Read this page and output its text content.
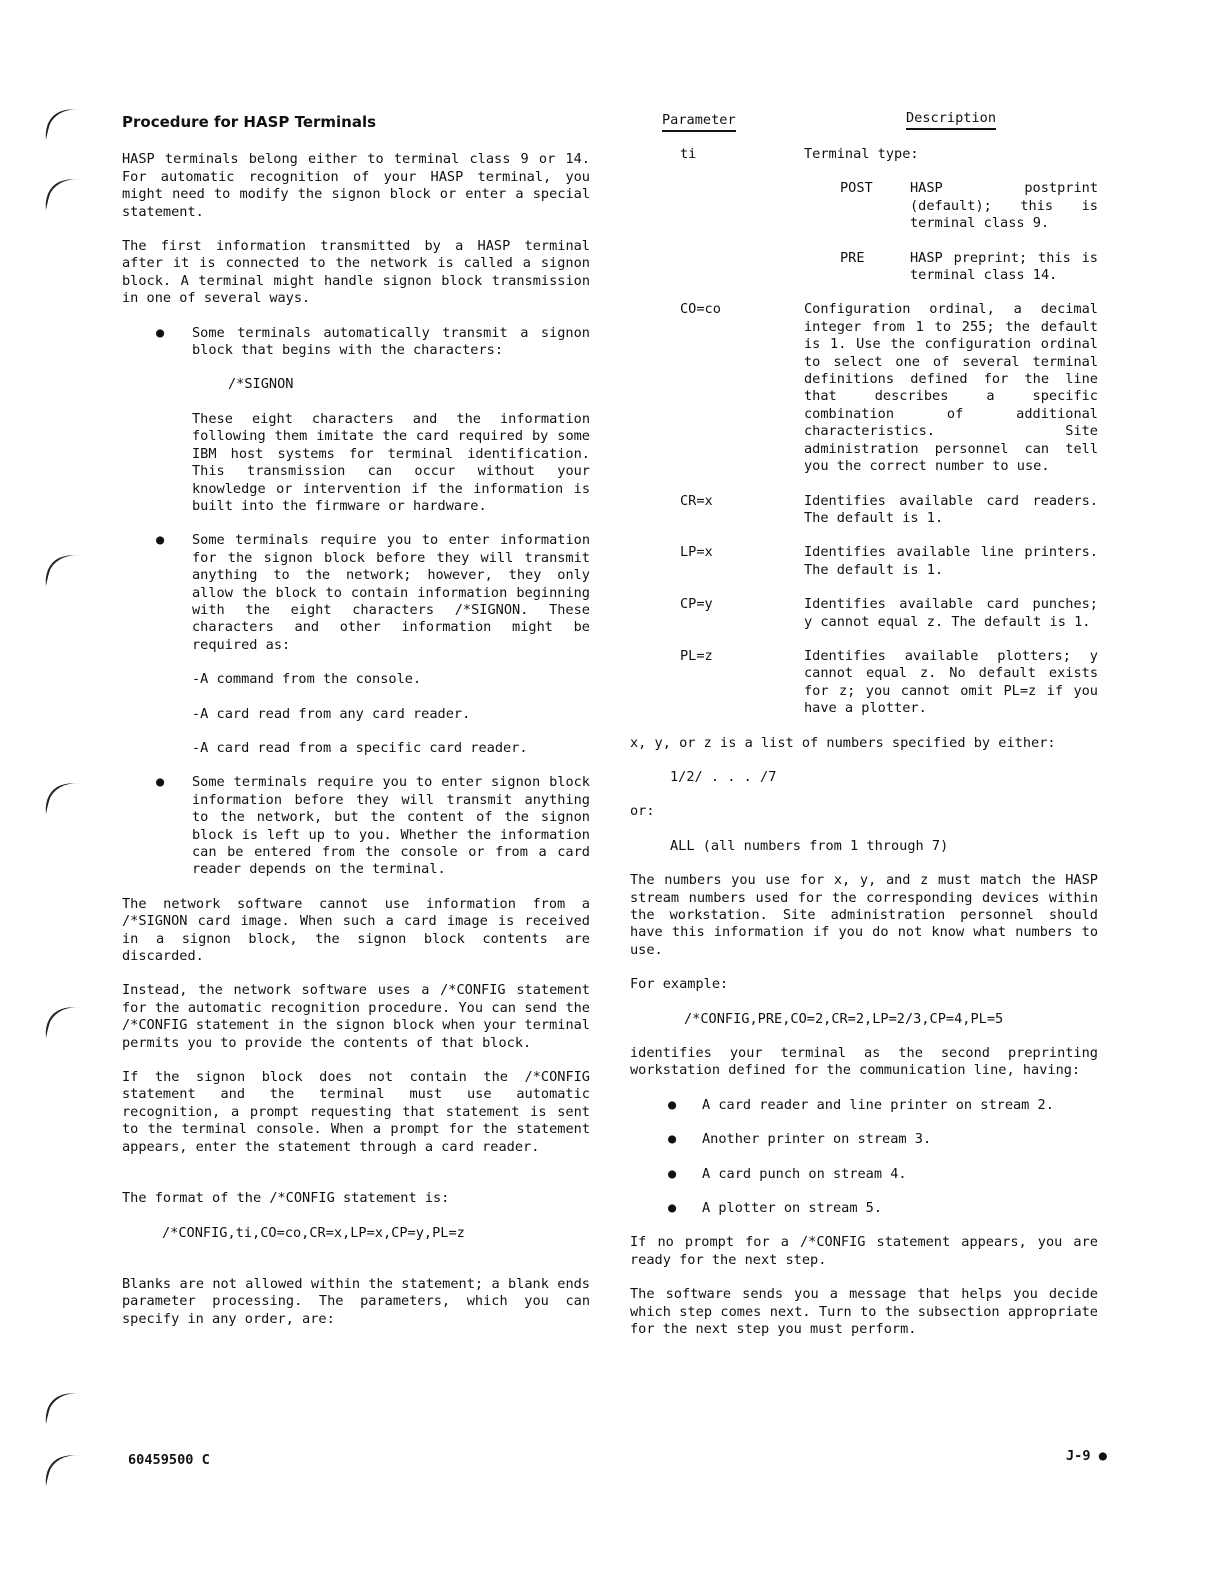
Procedure for HASP Terminals

HASP terminals belong either to terminal class 9 or 14. For automatic recognition of your HASP terminal, you might need to modify the signon block or enter a special statement.

The first information transmitted by a HASP terminal after it is connected to the network is called a signon block. A terminal might handle signon block transmission in one of several ways.

● Some terminals automatically transmit a signon block that begins with the characters:

/*SIGNON

These eight characters and the information following them imitate the card required by some IBM host systems for terminal identification. This transmission can occur without your knowledge or intervention if the information is built into the firmware or hardware.

● Some terminals require you to enter information for the signon block before they will transmit anything to the network; however, they only allow the block to contain information beginning with the eight characters /*SIGNON. These characters and other information might be required as:

-A command from the console.

-A card read from any card reader.

-A card read from a specific card reader.

● Some terminals require you to enter signon block information before they will transmit anything to the network, but the content of the signon block is left up to you. Whether the information can be entered from the console or from a card reader depends on the terminal.

The network software cannot use information from a /*SIGNON card image. When such a card image is received in a signon block, the signon block contents are discarded.

Instead, the network software uses a /*CONFIG statement for the automatic recognition procedure. You can send the /*CONFIG statement in the signon block when your terminal permits you to provide the contents of that block.

If the signon block does not contain the /*CONFIG statement and the terminal must use automatic recognition, a prompt requesting that statement is sent to the terminal console. When a prompt for the statement appears, enter the statement through a card reader.

The format of the /*CONFIG statement is:

/*CONFIG,ti,CO=co,CR=x,LP=x,CP=y,PL=z

Blanks are not allowed within the statement; a blank ends parameter processing. The parameters, which you can specify in any order, are:

Parameter	Description
ti	Terminal type:
POST	HASP postprint (default); this is terminal class 9.
PRE	HASP preprint; this is terminal class 14.
CO=co	Configuration ordinal, a decimal integer from 1 to 255; the default is 1. Use the configuration ordinal to select one of several terminal definitions defined for the line that describes a specific combination of additional characteristics. Site administration personnel can tell you the correct number to use.
CR=x	Identifies available card readers. The default is 1.
LP=x	Identifies available line printers. The default is 1.
CP=y	Identifies available card punches; y cannot equal z. The default is 1.
PL=z	Identifies available plotters; y cannot equal z. No default exists for z; you cannot omit PL=z if you have a plotter.

x, y, or z is a list of numbers specified by either:

1/2/ . . . /7

or:

ALL (all numbers from 1 through 7)

The numbers you use for x, y, and z must match the HASP stream numbers used for the corresponding devices within the workstation. Site administration personnel should have this information if you do not know what numbers to use.

For example:

/*CONFIG,PRE,CO=2,CR=2,LP=2/3,CP=4,PL=5

identifies your terminal as the second preprinting workstation defined for the communication line, having:

● A card reader and line printer on stream 2.
● Another printer on stream 3.
● A card punch on stream 4.
● A plotter on stream 5.

If no prompt for a /*CONFIG statement appears, you are ready for the next step.

The software sends you a message that helps you decide which step comes next. Turn to the subsection appropriate for the next step you must perform.

60459500 C	J-9 ●
